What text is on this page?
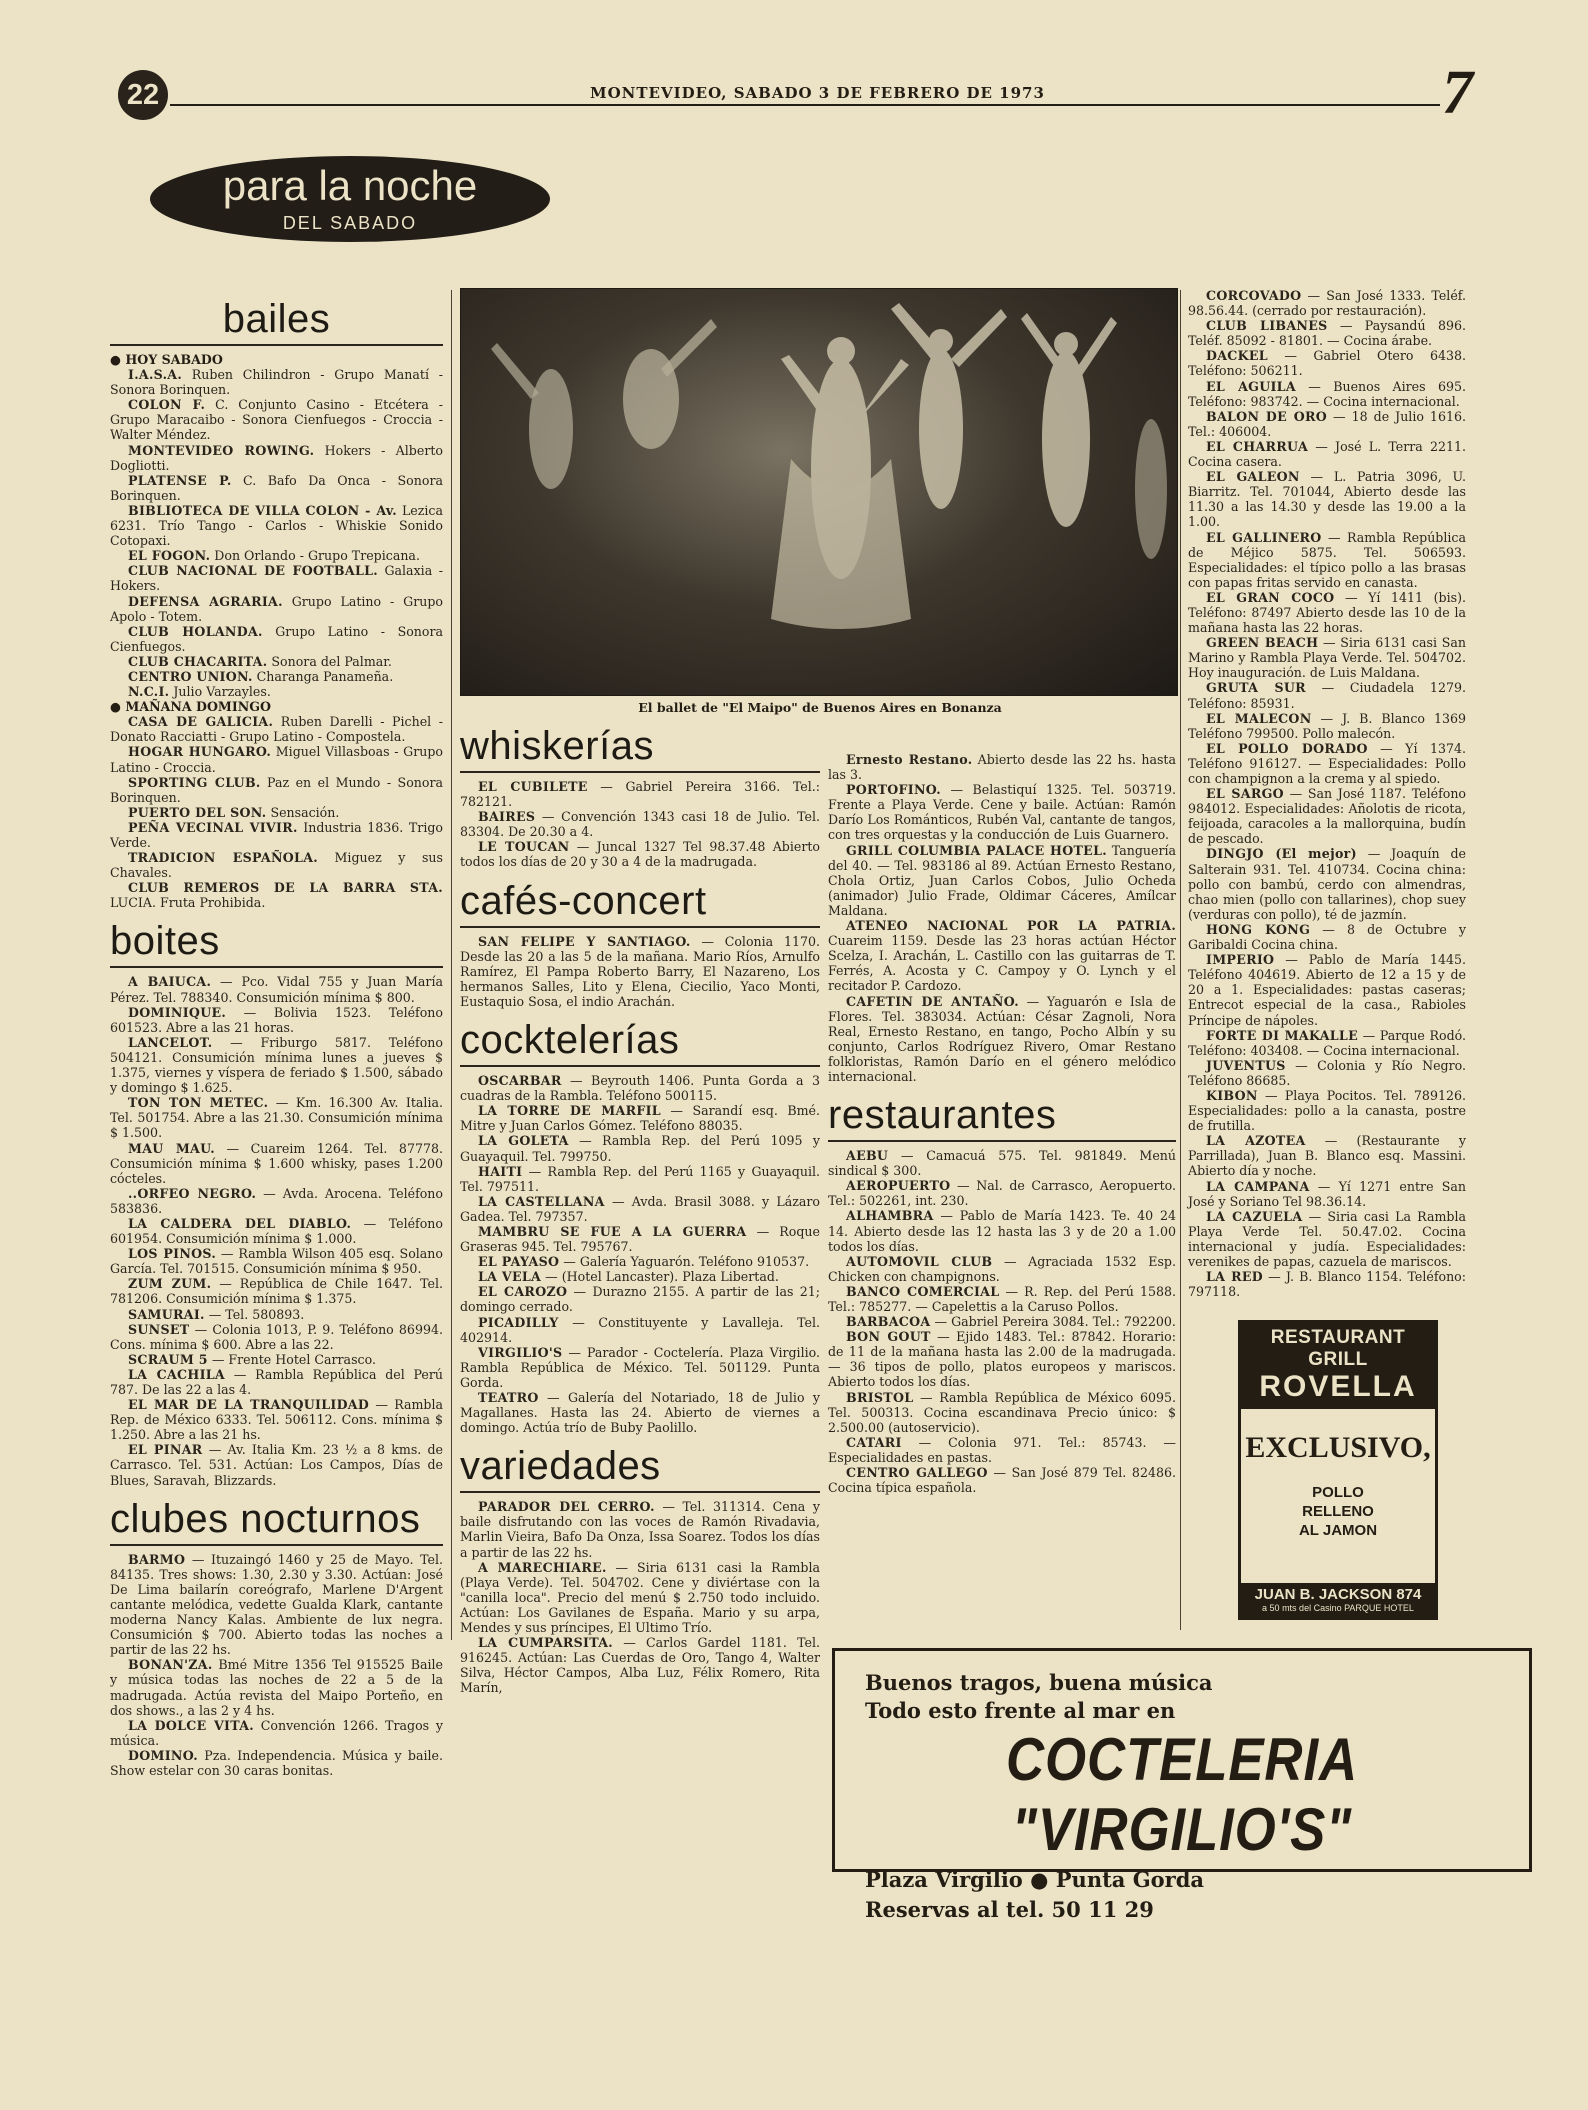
22	MONTEVIDEO, SABADO 3 DE FEBRERO DE 1973	7
para la noche
DEL SABADO
bailes
● HOY SABADO
I.A.S.A. Ruben Chilindron - Grupo Manatí - Sonora Borinquen.
COLON F. C. Conjunto Casino - Etcétera - Grupo Maracaibo - Sonora Cienfuegos - Croccia - Walter Méndez.
MONTEVIDEO ROWING. Hokers - Alberto Dogliotti.
PLATENSE P. C. Bafo Da Onca - Sonora Borinquen.
BIBLIOTECA DE VILLA COLON - Av. Lezica 6231. Trío Tango - Carlos - Whiskie Sonido Cotopaxi.
EL FOGON. Don Orlando - Grupo Trepicana.
CLUB NACIONAL DE FOOTBALL. Galaxia - Hokers.
DEFENSA AGRARIA. Grupo Latino - Grupo Apolo - Totem.
CLUB HOLANDA. Grupo Latino - Sonora Cienfuegos.
CLUB CHACARITA. Sonora del Palmar.
CENTRO UNION. Charanga Panameña.
N.C.I. Julio Varzayles.
● MAÑANA DOMINGO
CASA DE GALICIA. Ruben Darelli - Pichel - Donato Racciatti - Grupo Latino - Compostela.
HOGAR HUNGARO. Miguel Villasboas - Grupo Latino - Croccia.
SPORTING CLUB. Paz en el Mundo - Sonora Borinquen.
PUERTO DEL SON. Sensación.
PEÑA VECINAL VIVIR. Industria 1836. Trigo Verde.
TRADICION ESPAÑOLA. Miguez y sus Chavales.
CLUB REMEROS DE LA BARRA STA. LUCIA. Fruta Prohibida.
boites
A BAIUCA. — Pco. Vidal 755 y Juan María Pérez. Tel. 788340. Consumición mínima $ 800.
DOMINIQUE. — Bolivia 1523. Teléfono 601523. Abre a las 21 horas.
LANCELOT. — Friburgo 5817. Teléfono 504121. Consumición mínima lunes a jueves $ 1.375, viernes y víspera de feriado $ 1.500, sábado y domingo $ 1.625.
TON TON METEC. — Km. 16.300 Av. Italia. Tel. 501754. Abre a las 21.30. Consumición mínima $ 1.500.
MAU MAU. — Cuareim 1264. Tel. 87778. Consumición mínima $ 1.600 whisky, pases 1.200 cócteles.
..ORFEO NEGRO. — Avda. Arocena. Teléfono 583836.
LA CALDERA DEL DIABLO. — Teléfono 601954. Consumición mínima $ 1.000.
LOS PINOS. — Rambla Wilson 405 esq. Solano García. Tel. 701515. Consumición mínima $ 950.
ZUM ZUM. — República de Chile 1647. Tel. 781206. Consumición mínima $ 1.375.
SAMURAI. — Tel. 580893.
SUNSET — Colonia 1013, P. 9. Teléfono 86994. Cons. mínima $ 600. Abre a las 22.
SCRAUM 5 — Frente Hotel Carrasco.
LA CACHILA — Rambla República del Perú 787. De las 22 a las 4.
EL MAR DE LA TRANQUILIDAD — Rambla Rep. de México 6333. Tel. 506112. Cons. mínima $ 1.250. Abre a las 21 hs.
EL PINAR — Av. Italia Km. 23 ½ a 8 kms. de Carrasco. Tel. 531. Actúan: Los Campos, Días de Blues, Saravah, Blizzards.
clubes nocturnos
BARMO — Ituzaingó 1460 y 25 de Mayo. Tel. 84135. Tres shows: 1.30, 2.30 y 3.30. Actúan: José De Lima bailarín coreógrafo, Marlene D'Argent cantante melódica, vedette Gualda Klark, cantante moderna Nancy Kalas. Ambiente de lux negra. Consumición $ 700. Abierto todas las noches a partir de las 22 hs.
BONAN'ZA. Bmé Mitre 1356 Tel 915525 Baile y música todas las noches de 22 a 5 de la madrugada. Actúa revista del Maipo Porteño, en dos shows., a las 2 y 4 hs.
LA DOLCE VITA. Convención 1266. Tragos y música.
DOMINO. Pza. Independencia. Música y baile. Show estelar con 30 caras bonitas.
El ballet de "El Maipo" de Buenos Aires en Bonanza
whiskerías
EL CUBILETE — Gabriel Pereira 3166. Tel.: 782121.
BAIRES — Convención 1343 casi 18 de Julio. Tel. 83304. De 20.30 a 4.
LE TOUCAN — Juncal 1327 Tel 98.37.48 Abierto todos los días de 20 y 30 a 4 de la madrugada.
cafés-concert
SAN FELIPE Y SANTIAGO. — Colonia 1170. Desde las 20 a las 5 de la mañana. Mario Ríos, Arnulfo Ramírez, El Pampa Roberto Barry, El Nazareno, Los hermanos Salles, Lito y Elena, Ciecilio, Yaco Monti, Eustaquio Sosa, el indio Arachán.
cocktelerías
OSCARBAR — Beyrouth 1406. Punta Gorda a 3 cuadras de la Rambla. Teléfono 500115.
LA TORRE DE MARFIL — Sarandí esq. Bmé. Mitre y Juan Carlos Gómez. Teléfono 88035.
LA GOLETA — Rambla Rep. del Perú 1095 y Guayaquil. Tel. 799750.
HAITI — Rambla Rep. del Perú 1165 y Guayaquil. Tel. 797511.
LA CASTELLANA — Avda. Brasil 3088. y Lázaro Gadea. Tel. 797357.
MAMBRU SE FUE A LA GUERRA — Roque Graseras 945. Tel. 795767.
EL PAYASO — Galería Yaguarón. Teléfono 910537.
LA VELA — (Hotel Lancaster). Plaza Libertad.
EL CAROZO — Durazno 2155. A partir de las 21; domingo cerrado.
PICADILLY — Constituyente y Lavalleja. Tel. 402914.
VIRGILIO'S — Parador - Coctelería. Plaza Virgilio. Rambla República de México. Tel. 501129. Punta Gorda.
TEATRO — Galería del Notariado, 18 de Julio y Magallanes. Hasta las 24. Abierto de viernes a domingo. Actúa trío de Buby Paolillo.
variedades
PARADOR DEL CERRO. — Tel. 311314. Cena y baile disfrutando con las voces de Ramón Rivadavia, Marlin Vieira, Bafo Da Onza, Issa Soarez. Todos los días a partir de las 22 hs.
A MARECHIARE. — Siria 6131 casi la Rambla (Playa Verde). Tel. 504702. Cene y diviértase con la "canilla loca". Precio del menú $ 2.750 todo incluido. Actúan: Los Gavilanes de España. Mario y su arpa, Mendes y sus príncipes, El Ultimo Trío.
LA CUMPARSITA. — Carlos Gardel 1181. Tel. 916245. Actúan: Las Cuerdas de Oro, Tango 4, Walter Silva, Héctor Campos, Alba Luz, Félix Romero, Rita Marín,
Ernesto Restano. Abierto desde las 22 hs. hasta las 3.
PORTOFINO. — Belastiquí 1325. Tel. 503719. Frente a Playa Verde. Cene y baile. Actúan: Ramón Darío Los Románticos, Rubén Val, cantante de tangos, con tres orquestas y la conducción de Luis Guarnero.
GRILL COLUMBIA PALACE HOTEL. Tanguería del 40. — Tel. 983186 al 89. Actúan Ernesto Restano, Chola Ortiz, Juan Carlos Cobos, Julio Ocheda (animador) Julio Frade, Oldimar Cáceres, Amílcar Maldana.
ATENEO NACIONAL POR LA PATRIA. Cuareim 1159. Desde las 23 horas actúan Héctor Scelza, I. Arachán, L. Castillo con las guitarras de T. Ferrés, A. Acosta y C. Campoy y O. Lynch y el recitador P. Cardozo.
CAFETIN DE ANTAÑO. — Yaguarón e Isla de Flores. Tel. 383034. Actúan: César Zagnoli, Nora Real, Ernesto Restano, en tango, Pocho Albín y su conjunto, Carlos Rodríguez Rivero, Omar Restano folkloristas, Ramón Darío en el género melódico internacional.
restaurantes
AEBU — Camacuá 575. Tel. 981849. Menú sindical $ 300.
AEROPUERTO — Nal. de Carrasco, Aeropuerto. Tel.: 502261, int. 230.
ALHAMBRA — Pablo de María 1423. Te. 40 24 14. Abierto desde las 12 hasta las 3 y de 20 a 1.00 todos los días.
AUTOMOVIL CLUB — Agraciada 1532 Esp. Chicken con champignons.
BANCO COMERCIAL — R. Rep. del Perú 1588. Tel.: 785277. — Capelettis a la Caruso Pollos.
BARBACOA — Gabriel Pereira 3084. Tel.: 792200.
BON GOUT — Ejido 1483. Tel.: 87842. Horario: de 11 de la mañana hasta las 2.00 de la madrugada. — 36 tipos de pollo, platos europeos y mariscos. Abierto todos los días.
BRISTOL — Rambla República de México 6095. Tel. 500313. Cocina escandinava Precio único: $ 2.500.00 (autoservicio).
CATARI — Colonia 971. Tel.: 85743. — Especialidades en pastas.
CENTRO GALLEGO — San José 879 Tel. 82486. Cocina típica española.
CORCOVADO — San José 1333. Teléf. 98.56.44. (cerrado por restauración).
CLUB LIBANES — Paysandú 896. Teléf. 85092 - 81801. — Cocina árabe.
DACKEL — Gabriel Otero 6438. Teléfono: 506211.
EL AGUILA — Buenos Aires 695. Teléfono: 983742. — Cocina internacional.
BALON DE ORO — 18 de Julio 1616. Tel.: 406004.
EL CHARRUA — José L. Terra 2211. Cocina casera.
EL GALEON — L. Patria 3096, U. Biarritz. Tel. 701044, Abierto desde las 11.30 a las 14.30 y desde las 19.00 a la 1.00.
EL GALLINERO — Rambla República de Méjico 5875. Tel. 506593. Especialidades: el típico pollo a las brasas con papas fritas servido en canasta.
EL GRAN COCO — Yí 1411 (bis). Teléfono: 87497 Abierto desde las 10 de la mañana hasta las 22 horas.
GREEN BEACH — Siria 6131 casi San Marino y Rambla Playa Verde. Tel. 504702. Hoy inauguración. de Luis Maldana.
GRUTA SUR — Ciudadela 1279. Teléfono: 85931.
EL MALECON — J. B. Blanco 1369 Teléfono 799500. Pollo malecón.
EL POLLO DORADO — Yí 1374. Teléfono 916127. — Especialidades: Pollo con champignon a la crema y al spiedo.
EL SARGO — San José 1187. Teléfono 984012. Especialidades: Añolotis de ricota, feijoada, caracoles a la mallorquina, budín de pescado.
DINGJO (El mejor) — Joaquín de Salterain 931. Tel. 410734. Cocina china: pollo con bambú, cerdo con almendras, chao mien (pollo con tallarines), chop suey (verduras con pollo), té de jazmín.
HONG KONG — 8 de Octubre y Garibaldi Cocina china.
IMPERIO — Pablo de María 1445. Teléfono 404619. Abierto de 12 a 15 y de 20 a 1. Especialidades: pastas caseras; Entrecot especial de la casa., Rabioles Príncipe de nápoles.
FORTE DI MAKALLE — Parque Rodó. Teléfono: 403408. — Cocina internacional.
JUVENTUS — Colonia y Río Negro. Teléfono 86685.
KIBON — Playa Pocitos. Tel. 789126. Especialidades: pollo a la canasta, postre de frutilla.
LA AZOTEA — (Restaurante y Parrillada), Juan B. Blanco esq. Massini. Abierto día y noche.
LA CAMPANA — Yí 1271 entre San José y Soriano Tel 98.36.14.
LA CAZUELA — Siria casi La Rambla Playa Verde Tel. 50.47.02. Cocina internacional y judía. Especialidades: verenikes de papas, cazuela de mariscos.
LA RED — J. B. Blanco 1154. Teléfono: 797118.
RESTAURANT GRILL
ROVELLA
EXCLUSIVO,
POLLO
RELLENO
AL JAMON
JUAN B. JACKSON 874
a 50 mts del Casino PARQUE HOTEL
Buenos tragos, buena música
Todo esto frente al mar en
COCTELERIA "VIRGILIO'S"
Plaza Virgilio ● Punta Gorda
Reservas al tel. 50 11 29
